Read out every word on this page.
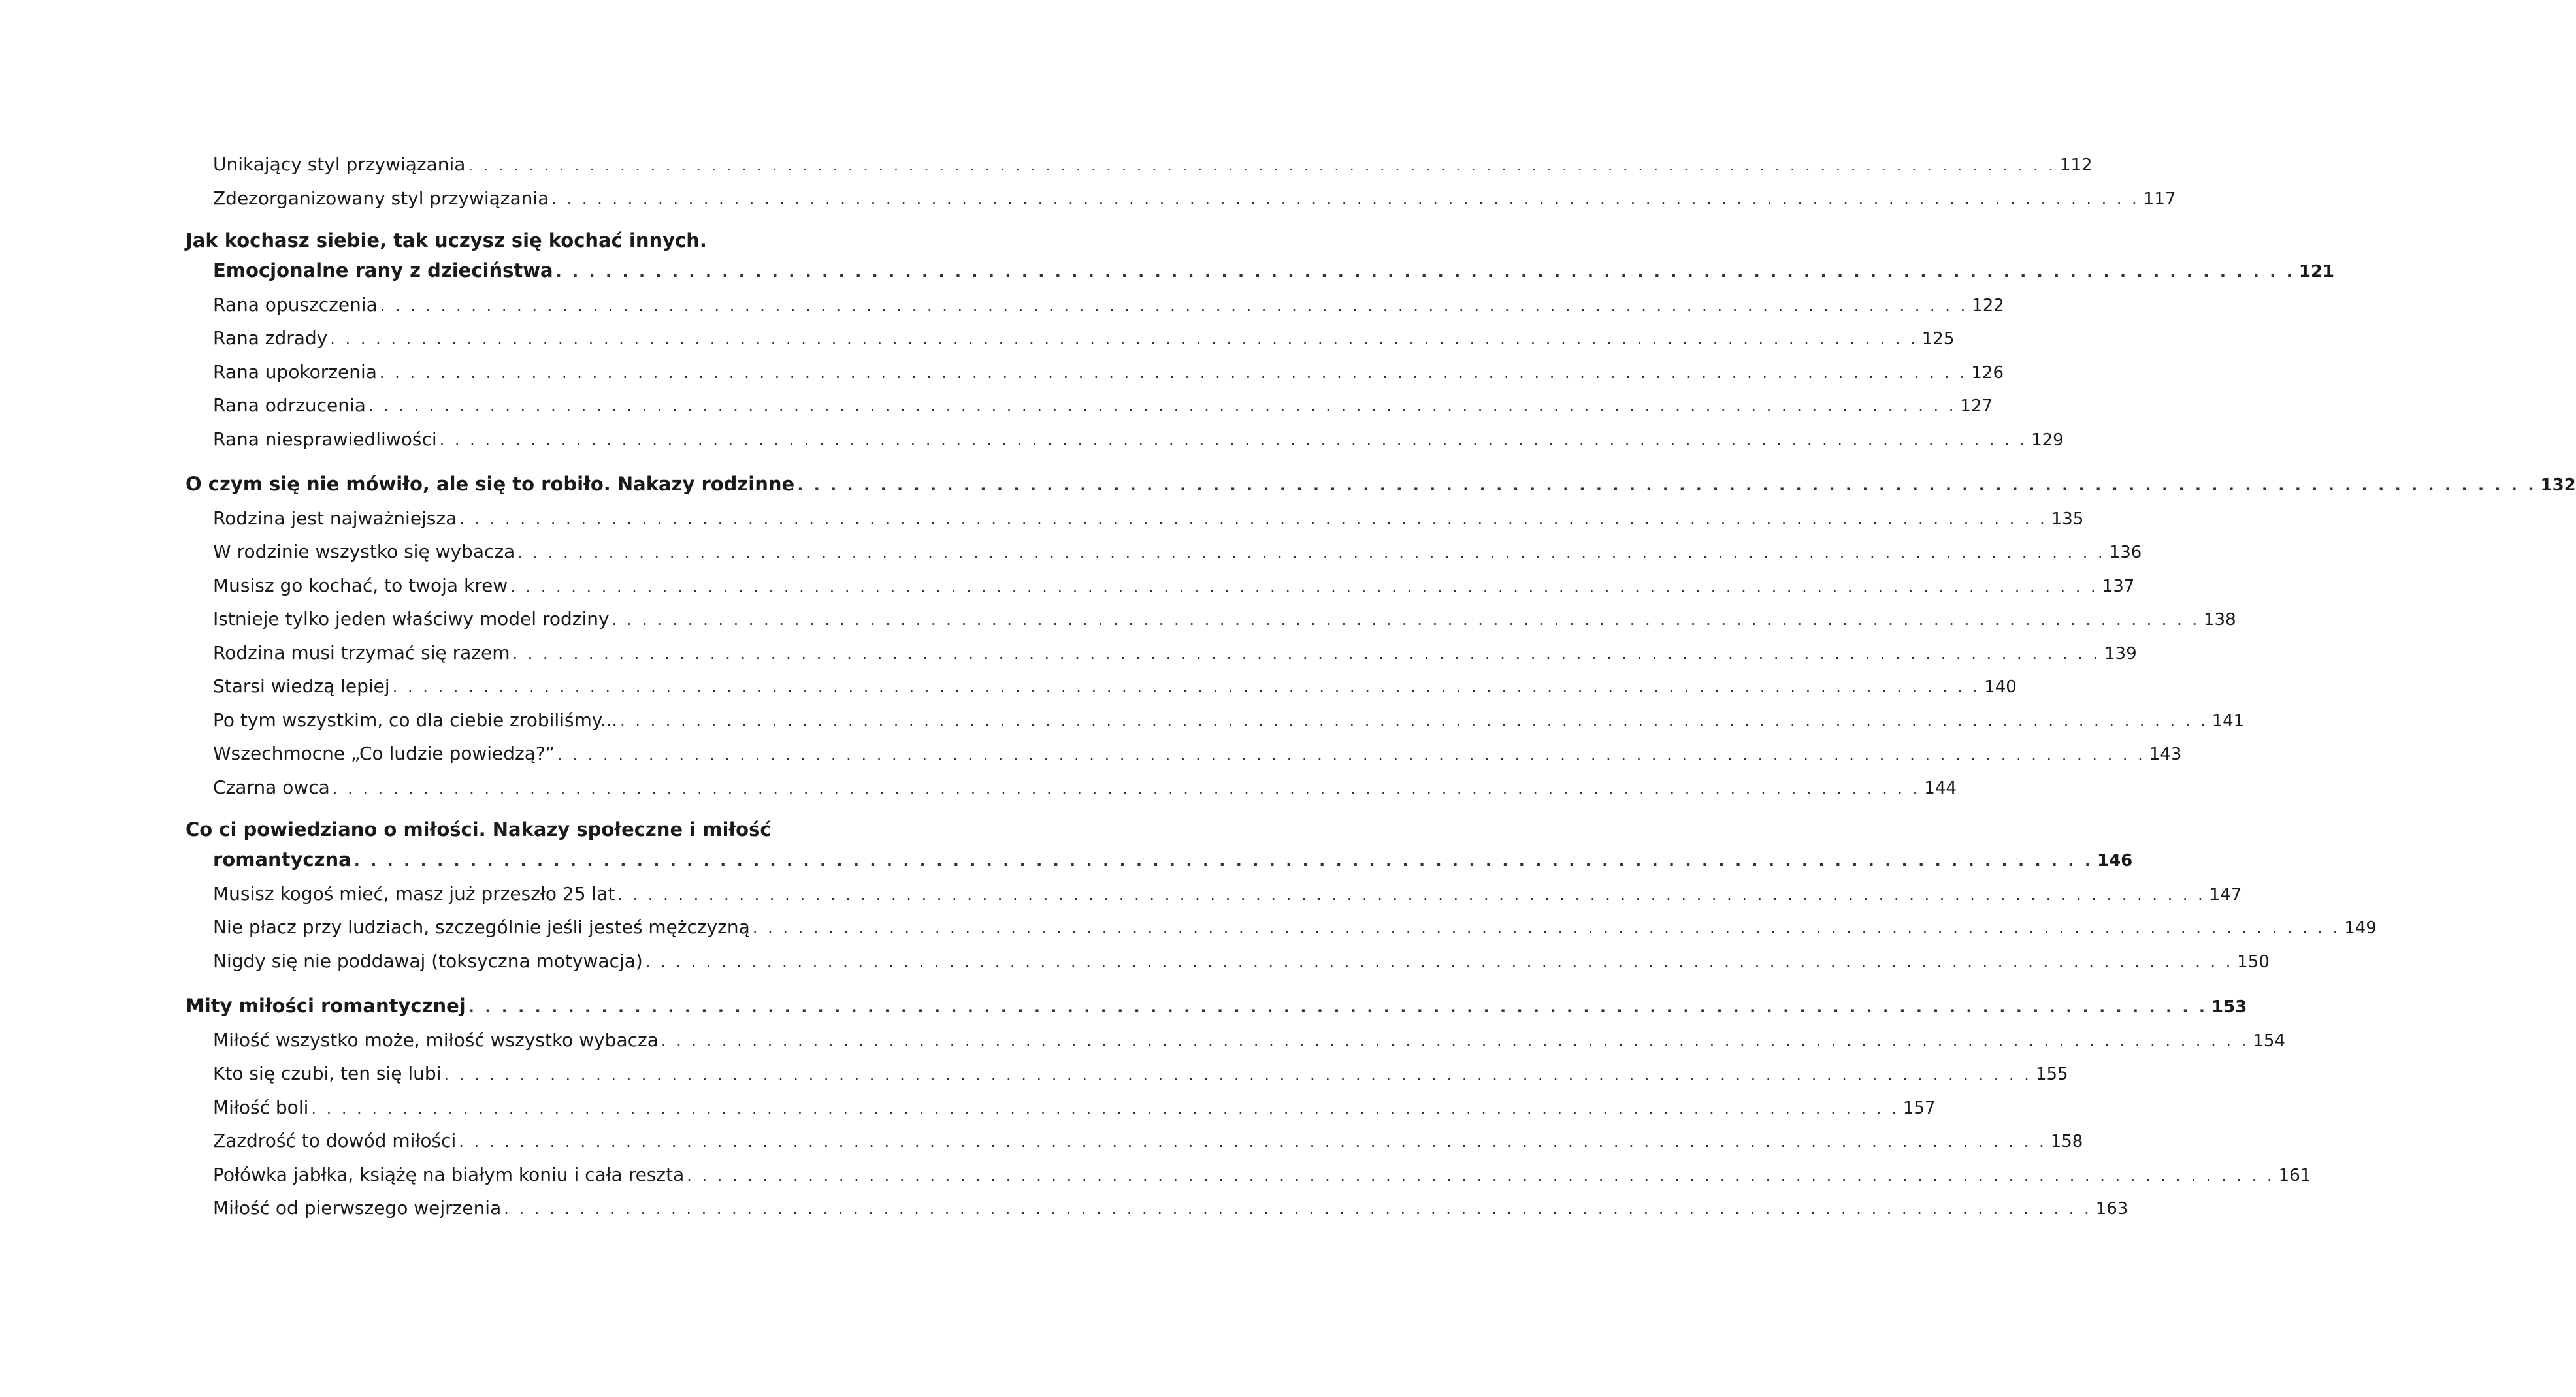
Unikający styl przywiązania . . . . . . . . . . . . . . . . . . . . . . . . . . . . . . . . . . . . . . . . . . . . . . . . . . . . . . . . . . . . . . . . . . . . . . . . . . . . . . . . . . . . . . . . . . . . . . . . . . . . . . . . . 112
Zdezorganizowany styl przywiązania . . . . . . . . . . . . . . . . . . . . . . . . . . . . . . . . . . . . . . . . . . . . . . . . . . . . . . . . . . . . . . . . . . . . . . . . . . . . . . . . . . . . . . . . . . . . . . . . . . . . . . . . . 117
Jak kochasz siebie, tak uczysz się kochać innych.
Emocjonalne rany z dzieciństwa . . . . . . . . . . . . . . . . . . . . . . . . . . . . . . . . . . . . . . . . . . . . . . . . . . . . . . . . . . . . . . . . . . . . . . . . . . . . . . . . . . . . . . . . . . . . . . . . . . . . . . . . . 121
Rana opuszczenia . . . . . . . . . . . . . . . . . . . . . . . . . . . . . . . . . . . . . . . . . . . . . . . . . . . . . . . . . . . . . . . . . . . . . . . . . . . . . . . . . . . . . . . . . . . . . . . . . . . . . . . . . 122
Rana zdrady . . . . . . . . . . . . . . . . . . . . . . . . . . . . . . . . . . . . . . . . . . . . . . . . . . . . . . . . . . . . . . . . . . . . . . . . . . . . . . . . . . . . . . . . . . . . . . . . . . . . . . . . . 125
Rana upokorzenia . . . . . . . . . . . . . . . . . . . . . . . . . . . . . . . . . . . . . . . . . . . . . . . . . . . . . . . . . . . . . . . . . . . . . . . . . . . . . . . . . . . . . . . . . . . . . . . . . . . . . . . . . 126
Rana odrzucenia . . . . . . . . . . . . . . . . . . . . . . . . . . . . . . . . . . . . . . . . . . . . . . . . . . . . . . . . . . . . . . . . . . . . . . . . . . . . . . . . . . . . . . . . . . . . . . . . . . . . . . . . . 127
Rana niesprawiedliwości . . . . . . . . . . . . . . . . . . . . . . . . . . . . . . . . . . . . . . . . . . . . . . . . . . . . . . . . . . . . . . . . . . . . . . . . . . . . . . . . . . . . . . . . . . . . . . . . . . . . . . . . . 129
O czym się nie mówiło, ale się to robiło. Nakazy rodzinne . . . . . . . . . . . . . . . . . . . . . . . . . . . . . . . . . . . . . . . . . . . . . . . . . . . . . . . . . . . . . . . . . . . . . . . . . . . . . . . . . . . . . . . . . . . . . . . . . . . . . . . . . 132
Rodzina jest najważniejsza . . . . . . . . . . . . . . . . . . . . . . . . . . . . . . . . . . . . . . . . . . . . . . . . . . . . . . . . . . . . . . . . . . . . . . . . . . . . . . . . . . . . . . . . . . . . . . . . . . . . . . . . . 135
W rodzinie wszystko się wybacza . . . . . . . . . . . . . . . . . . . . . . . . . . . . . . . . . . . . . . . . . . . . . . . . . . . . . . . . . . . . . . . . . . . . . . . . . . . . . . . . . . . . . . . . . . . . . . . . . . . . . . . . . 136
Musisz go kochać, to twoja krew . . . . . . . . . . . . . . . . . . . . . . . . . . . . . . . . . . . . . . . . . . . . . . . . . . . . . . . . . . . . . . . . . . . . . . . . . . . . . . . . . . . . . . . . . . . . . . . . . . . . . . . . . 137
Istnieje tylko jeden właściwy model rodziny . . . . . . . . . . . . . . . . . . . . . . . . . . . . . . . . . . . . . . . . . . . . . . . . . . . . . . . . . . . . . . . . . . . . . . . . . . . . . . . . . . . . . . . . . . . . . . . . . . . . . . . . . 138
Rodzina musi trzymać się razem . . . . . . . . . . . . . . . . . . . . . . . . . . . . . . . . . . . . . . . . . . . . . . . . . . . . . . . . . . . . . . . . . . . . . . . . . . . . . . . . . . . . . . . . . . . . . . . . . . . . . . . . . 139
Starsi wiedzą lepiej . . . . . . . . . . . . . . . . . . . . . . . . . . . . . . . . . . . . . . . . . . . . . . . . . . . . . . . . . . . . . . . . . . . . . . . . . . . . . . . . . . . . . . . . . . . . . . . . . . . . . . . . . 140
Po tym wszystkim, co dla ciebie zrobiliśmy... . . . . . . . . . . . . . . . . . . . . . . . . . . . . . . . . . . . . . . . . . . . . . . . . . . . . . . . . . . . . . . . . . . . . . . . . . . . . . . . . . . . . . . . . . . . . . . . . . . . . . . . . . 141
Wszechmocne „Co ludzie powiedzą?” . . . . . . . . . . . . . . . . . . . . . . . . . . . . . . . . . . . . . . . . . . . . . . . . . . . . . . . . . . . . . . . . . . . . . . . . . . . . . . . . . . . . . . . . . . . . . . . . . . . . . . . . . 143
Czarna owca . . . . . . . . . . . . . . . . . . . . . . . . . . . . . . . . . . . . . . . . . . . . . . . . . . . . . . . . . . . . . . . . . . . . . . . . . . . . . . . . . . . . . . . . . . . . . . . . . . . . . . . . . 144
Co ci powiedziano o miłości. Nakazy społeczne i miłość
romantyczna . . . . . . . . . . . . . . . . . . . . . . . . . . . . . . . . . . . . . . . . . . . . . . . . . . . . . . . . . . . . . . . . . . . . . . . . . . . . . . . . . . . . . . . . . . . . . . . . . . . . . . . . . 146
Musisz kogoś mieć, masz już przeszło 25 lat . . . . . . . . . . . . . . . . . . . . . . . . . . . . . . . . . . . . . . . . . . . . . . . . . . . . . . . . . . . . . . . . . . . . . . . . . . . . . . . . . . . . . . . . . . . . . . . . . . . . . . . . . 147
Nie płacz przy ludziach, szczególnie jeśli jesteś mężczyzną . . . . . . . . . . . . . . . . . . . . . . . . . . . . . . . . . . . . . . . . . . . . . . . . . . . . . . . . . . . . . . . . . . . . . . . . . . . . . . . . . . . . . . . . . . . . . . . . . . . . . . . . . 149
Nigdy się nie poddawaj (toksyczna motywacja) . . . . . . . . . . . . . . . . . . . . . . . . . . . . . . . . . . . . . . . . . . . . . . . . . . . . . . . . . . . . . . . . . . . . . . . . . . . . . . . . . . . . . . . . . . . . . . . . . . . . . . . . . 150
Mity miłości romantycznej . . . . . . . . . . . . . . . . . . . . . . . . . . . . . . . . . . . . . . . . . . . . . . . . . . . . . . . . . . . . . . . . . . . . . . . . . . . . . . . . . . . . . . . . . . . . . . . . . . . . . . . . . 153
Miłość wszystko może, miłość wszystko wybacza . . . . . . . . . . . . . . . . . . . . . . . . . . . . . . . . . . . . . . . . . . . . . . . . . . . . . . . . . . . . . . . . . . . . . . . . . . . . . . . . . . . . . . . . . . . . . . . . . . . . . . . . . 154
Kto się czubi, ten się lubi . . . . . . . . . . . . . . . . . . . . . . . . . . . . . . . . . . . . . . . . . . . . . . . . . . . . . . . . . . . . . . . . . . . . . . . . . . . . . . . . . . . . . . . . . . . . . . . . . . . . . . . . . 155
Miłość boli . . . . . . . . . . . . . . . . . . . . . . . . . . . . . . . . . . . . . . . . . . . . . . . . . . . . . . . . . . . . . . . . . . . . . . . . . . . . . . . . . . . . . . . . . . . . . . . . . . . . . . . . . 157
Zazdrość to dowód miłości . . . . . . . . . . . . . . . . . . . . . . . . . . . . . . . . . . . . . . . . . . . . . . . . . . . . . . . . . . . . . . . . . . . . . . . . . . . . . . . . . . . . . . . . . . . . . . . . . . . . . . . . . 158
Połówka jabłka, książę na białym koniu i cała reszta . . . . . . . . . . . . . . . . . . . . . . . . . . . . . . . . . . . . . . . . . . . . . . . . . . . . . . . . . . . . . . . . . . . . . . . . . . . . . . . . . . . . . . . . . . . . . . . . . . . . . . . . . 161
Miłość od pierwszego wejrzenia . . . . . . . . . . . . . . . . . . . . . . . . . . . . . . . . . . . . . . . . . . . . . . . . . . . . . . . . . . . . . . . . . . . . . . . . . . . . . . . . . . . . . . . . . . . . . . . . . . . . . . . . . 163
